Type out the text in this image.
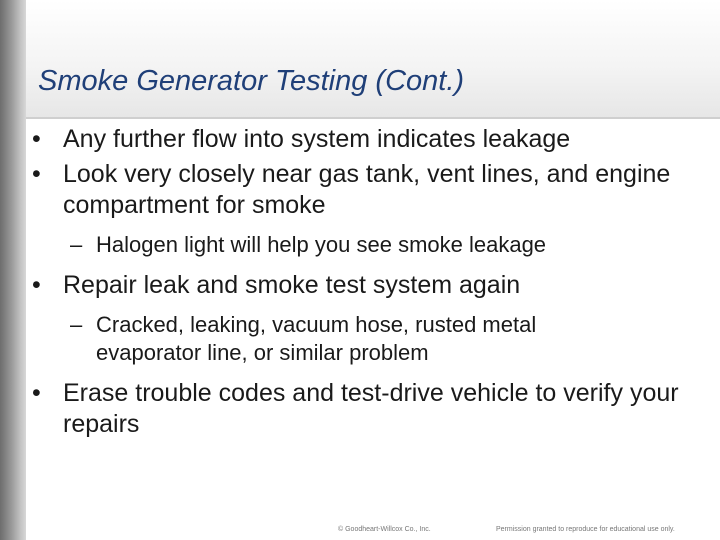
Smoke Generator Testing (Cont.)
• Any further flow into system indicates leakage
• Look very closely near gas tank, vent lines, and engine compartment for smoke
– Halogen light will help you see smoke leakage
• Repair leak and smoke test system again
– Cracked, leaking, vacuum hose, rusted metal evaporator line, or similar problem
• Erase trouble codes and test-drive vehicle to verify your repairs
© Goodheart-Willcox Co., Inc.	Permission granted to reproduce for educational use only.
